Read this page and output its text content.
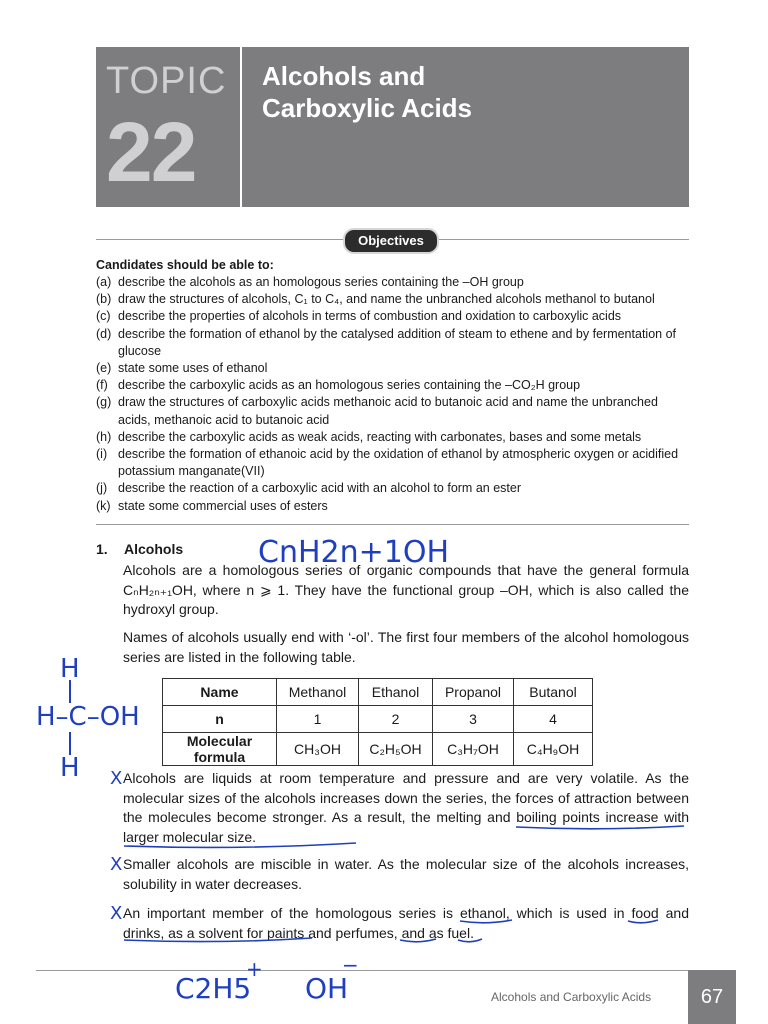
TOPIC
22
Alcohols and
Carboxylic Acids
Objectives
Candidates should be able to:
(a) describe the alcohols as an homologous series containing the –OH group
(b) draw the structures of alcohols, C₁ to C₄, and name the unbranched alcohols methanol to butanol
(c) describe the properties of alcohols in terms of combustion and oxidation to carboxylic acids
(d) describe the formation of ethanol by the catalysed addition of steam to ethene and by fermentation of glucose
(e) state some uses of ethanol
(f) describe the carboxylic acids as an homologous series containing the –CO₂H group
(g) draw the structures of carboxylic acids methanoic acid to butanoic acid and name the unbranched acids, methanoic acid to butanoic acid
(h) describe the carboxylic acids as weak acids, reacting with carbonates, bases and some metals
(i) describe the formation of ethanoic acid by the oxidation of ethanol by atmospheric oxygen or acidified potassium manganate(VII)
(j) describe the reaction of a carboxylic acid with an alcohol to form an ester
(k) state some commercial uses of esters
1. Alcohols
Alcohols are a homologous series of organic compounds that have the general formula CₙH₂ₙ₊₁OH, where n ⩾ 1. They have the functional group –OH, which is also called the hydroxyl group.
Names of alcohols usually end with ‘-ol’. The first four members of the alcohol homologous series are listed in the following table.
Name	Methanol	Ethanol	Propanol	Butanol
n	1	2	3	4
Molecular formula	CH₃OH	C₂H₅OH	C₃H₇OH	C₄H₉OH
Alcohols are liquids at room temperature and pressure and are very volatile. As the molecular sizes of the alcohols increases down the series, the forces of attraction between the molecules become stronger. As a result, the melting and boiling points increase with larger molecular size.
Smaller alcohols are miscible in water. As the molecular size of the alcohols increases, solubility in water decreases.
An important member of the homologous series is ethanol, which is used in food and drinks, as a solvent for paints and perfumes, and as fuel.
Alcohols and Carboxylic Acids	67
CnH2n+1OH
H
H–C–OH
H X
X
X
C2H5
+
OH
−
